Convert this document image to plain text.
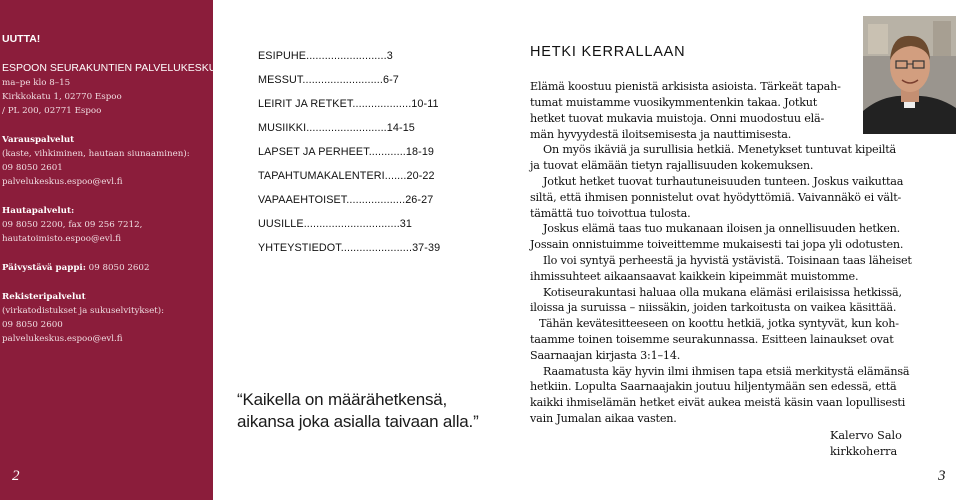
UUTTA!
ESPOON SEURAKUNTIEN PALVELUKESKUS
ma–pe klo 8–15
Kirkkokatu 1, 02770 Espoo
/ PL 200, 02771 Espoo
Varauspalvelut
(kaste, vihkiminen, hautaan siunaaminen):
09 8050 2601
palvelukeskus.espoo@evl.fi
Hautapalvelut:
09 8050 2200, fax 09 256 7212,
hautatoimisto.espoo@evl.fi
Päivystävä pappi: 09 8050 2602
Rekisteripalvelut
(virkatodistukset ja sukuselvitykset):
09 8050 2600
palvelukeskus.espoo@evl.fi
2
ESIPUHE..........................3
MESSUT..........................6-7
LEIRIT JA RETKET...................10-11
MUSIIKKI..........................14-15
LAPSET JA PERHEET............18-19
TAPAHTUMAKALENTERI.......20-22
VAPAAEHTOISET...................26-27
UUSILLE...............................31
YHTEYSTIEDOT.......................37-39
“Kaikella on määrähetkensä,
aikansa joka asialla taivaan alla.”
HETKI KERRALLAAN
Elämä koostuu pienistä arkisista asioista. Tärkeät tapah-
tumat muistamme vuosikymmentenkin takaa. Jotkut
hetket tuovat mukavia muistoja. Onni muodostuu elä-
män hyvyydestä iloitsemisesta ja nauttimisesta.
On myös ikäviä ja surullisia hetkiä. Menetykset tuntuvat kipeiltä
ja tuovat elämään tietyn rajallisuuden kokemuksen.
Jotkut hetket tuovat turhautuneisuuden tunteen. Joskus vaikuttaa
siltä, että ihmisen ponnistelut ovat hyödyttömiä. Vaivannäkö ei vält-
tämättä tuo toivottua tulosta.
Joskus elämä taas tuo mukanaan iloisen ja onnellisuuden hetken.
Jossain onnistuimme toiveittemme mukaisesti tai jopa yli odotusten.
Ilo voi syntyä perheestä ja hyvistä ystävistä. Toisinaan taas läheiset
ihmissuhteet aikaansaavat kaikkein kipeimmät muistomme.
Kotiseurakuntasi haluaa olla mukana elämäsi erilaisissa hetkissä,
iloissa ja suruissa – niissäkin, joiden tarkoitusta on vaikea käsittää.
Tähän kevätesitteeseen on koottu hetkiä, jotka syntyvät, kun koh-
taamme toinen toisemme seurakunnassa. Esitteen lainaukset ovat
Saarnaajan kirjasta 3:1–14.
Raamatusta käy hyvin ilmi ihmisen tapa etsiä merkitystä elämänsä
hetkiin. Lopulta Saarnaajakin joutuu hiljentymään sen edessä, että
kaikki ihmiselämän hetket eivät aukea meistä käsin vaan lopullisesti
vain Jumalan aikaa vasten.
Kalervo Salo
kirkkoherra
3
